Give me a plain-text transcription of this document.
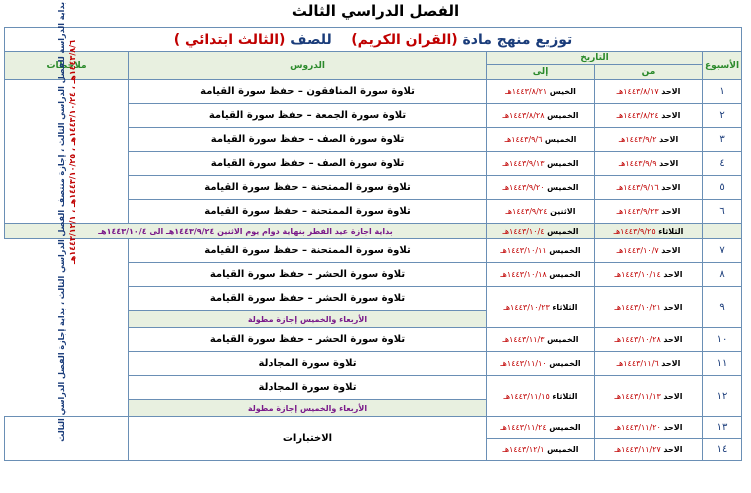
الفصل الدراسي الثالث
توزيع منهج مادة (القران الكريم)    للصف (الثالث ابتدائي )				
الأسبوع	التاريخ		الدروس	ملاحظات
	من	إلى		
١	الاحد ١٤٤٣/٨/١٧هـ	الخيس ١٤٤٣/٨/٢١هـ	تلاوة سورة المنافقون – حفظ سورة القيامة	بداية الدراسة للفصل الدراسي الثالث ، إجازة منتصف الفصل الدراسي الثالث ، بداية إجازة الفصل الدراسي الثالث ١٤٤٣/٨/٦هـ ، ١٤٤٣/١٠/٢٤هـ ، ١٤٤٣/١٠/٢٥هـ ، ١٤٤٣/١٢/١هـ

٢	الاحد ١٤٤٣/٨/٢٤هـ	الخميس ١٤٤٣/٨/٢٨هـ	تلاوة سورة الجمعة – حفظ سورة القيامة	
٣	الاحد ١٤٤٣/٩/٢هـ	الخميس ١٤٤٣/٩/٦هـ	تلاوة سورة الصف – حفظ سورة القيامة	
٤	الاحد ١٤٤٣/٩/٩هـ	الخميس ١٤٤٣/٩/١٣هـ	تلاوة سورة الصف – حفظ سورة القيامة	
٥	الاحد ١٤٤٣/٩/١٦هـ	الخميس ١٤٤٣/٩/٢٠هـ	تلاوة سورة الممتحنة – حفظ سورة القيامة	
٦	الاحد ١٤٤٣/٩/٢٣هـ	الاثنين ١٤٤٣/٩/٢٤هـ	تلاوة سورة الممتحنة – حفظ سورة القيامة	
	الثلاثاء ١٤٤٣/٩/٢٥هـ	الخميس ١٤٤٣/١٠/٤هـ	بداية اجازة عيد الفطر بنهاية دوام يوم الاثنين ١٤٤٣/٩/٢٤هـ الى ١٤٤٣/١٠/٤هـ	
٧	الاحد ١٤٤٣/١٠/٧هـ	الخميس ١٤٤٣/١٠/١١هـ	تلاوة سورة الممتحنة – حفظ سورة القيامة	
٨	الاحد ١٤٤٣/١٠/١٤هـ	الخميس ١٤٤٣/١٠/١٨هـ	تلاوة سورة الحشر – حفظ سورة القيامة	
٩	الاحد ١٤٤٣/١٠/٢١هـ	الثلاثاء ١٤٤٣/١٠/٢٣هـ	تلاوة سورة الحشر – حفظ سورة القيامة	
			الأربعاء والخميس إجازة مطولة	
١٠	الاحد ١٤٤٣/١٠/٢٨هـ	الخميس ١٤٤٣/١١/٣هـ	تلاوة سورة الحشر – حفظ سورة القيامة	
١١	الاحد ١٤٤٣/١١/٦هـ	الخميس ١٤٤٣/١١/١٠هـ	تلاوة سورة المجادلة	
١٢	الاحد ١٤٤٣/١١/١٣هـ	الثلاثاء ١٤٤٣/١١/١٥هـ	تلاوة سورة المجادلة	
			الأربعاء والخميس إجازة مطولة	
١٣	الاحد ١٤٤٣/١١/٢٠هـ	الخميس ١٤٤٣/١١/٢٤هـ	الاختبارات	
١٤	الاحد ١٤٤٣/١١/٢٧هـ	الخميس ١٤٤٣/١٢/١هـ		
